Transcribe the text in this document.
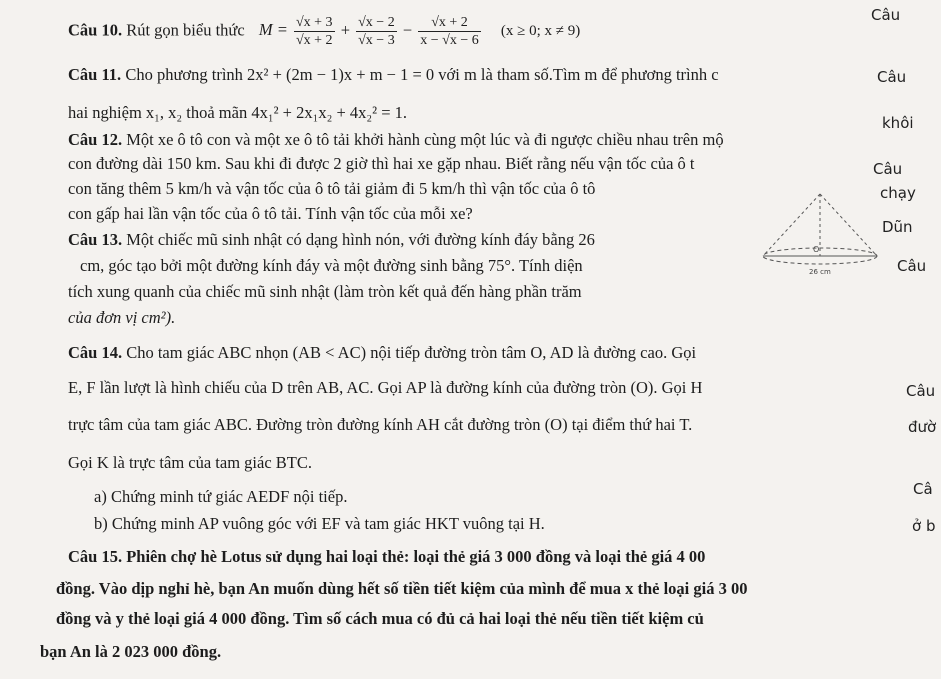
Câu 10. Rút gọn biểu thức $M = \frac{√x + 3}{√x + 2} + \frac{√x - 2}{√x - 3} - \frac{√x + 2}{x - √x - 6} (x \ge 0$; x ≠ 9)
Câu 11. Cho phương trình 2x² + (2m − 1)x + m − 1 = 0 với m là tham số.Tìm m để phương trình c
hai nghiệm x₁, x₂ thoả mãn 4x₁² + 2x₁x₂ + 4x₂² = 1.
Câu 12. Một xe ô tô con và một xe ô tô tải khởi hành cùng một lúc và đi ngược chiều nhau trên mộ
con đường dài 150 km. Sau khi đi được 2 giờ thì hai xe gặp nhau. Biết rằng nếu vận tốc của ô t
con tăng thêm 5 km/h và vận tốc của ô tô tải giảm đi 5 km/h thì vận tốc của ô tô
con gấp hai lần vận tốc của ô tô tải. Tính vận tốc của mỗi xe?
Câu 13. Một chiếc mũ sinh nhật có dạng hình nón, với đường kính đáy bằng 26
cm, góc tạo bởi một đường kính đáy và một đường sinh bằng 75°. Tính diện
tích xung quanh của chiếc mũ sinh nhật (làm tròn kết quả đến hàng phần trăm
của đơn vị cm²).
O
26 cm
Câu 14. Cho tam giác ABC nhọn (AB < AC) nội tiếp đường tròn tâm O, AD là đường cao. Gọi
E, F lần lượt là hình chiếu của D trên AB, AC. Gọi AP là đường kính của đường tròn (O). Gọi H
trực tâm của tam giác ABC. Đường tròn đường kính AH cắt đường tròn (O) tại điểm thứ hai T.
Gọi K là trực tâm của tam giác BTC.
a) Chứng minh tứ giác AEDF nội tiếp.
b) Chứng minh AP vuông góc với EF và tam giác HKT vuông tại H.
Câu 15. Phiên chợ hè Lotus sử dụng hai loại thẻ: loại thẻ giá 3 000 đồng và loại thẻ giá 4 00
đồng. Vào dịp nghỉ hè, bạn An muốn dùng hết số tiền tiết kiệm của mình để mua x thẻ loại giá 3 00
đồng và y thẻ loại giá 4 000 đồng. Tìm số cách mua có đủ cả hai loại thẻ nếu tiền tiết kiệm củ
bạn An là 2 023 000 đồng.
Câu
Câu
khôi
Câu
chạy
Dũn
Câu
Câu
đườ
Câ
ở b
